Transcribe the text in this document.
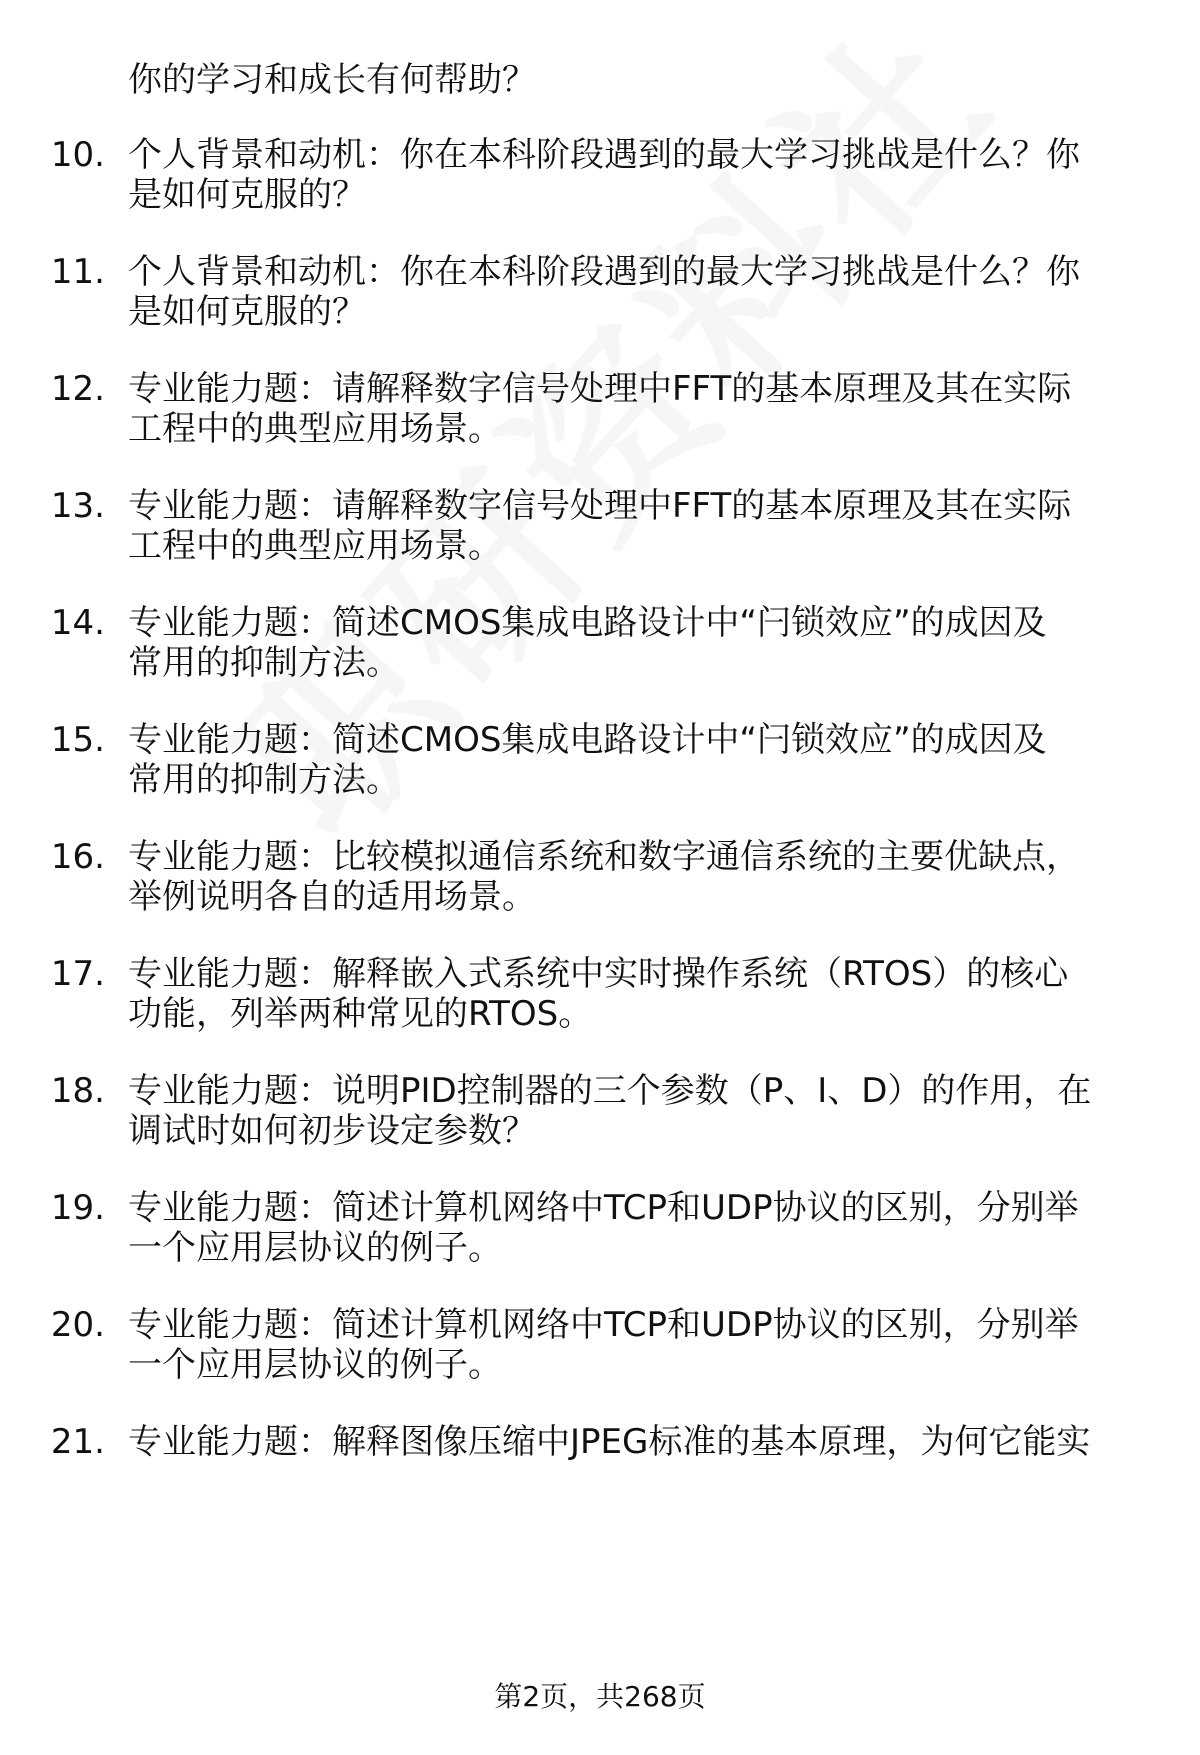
你的学习和成长有何帮助？
10. 个人背景和动机：你在本科阶段遇到的最大学习挑战是什么？你
是如何克服的？
11. 个人背景和动机：你在本科阶段遇到的最大学习挑战是什么？你
是如何克服的？
12. 专业能力题：请解释数字信号处理中FFT的基本原理及其在实际
工程中的典型应用场景。
13. 专业能力题：请解释数字信号处理中FFT的基本原理及其在实际
工程中的典型应用场景。
14. 专业能力题：简述CMOS集成电路设计中“闩锁效应”的成因及
常用的抑制方法。
15. 专业能力题：简述CMOS集成电路设计中“闩锁效应”的成因及
常用的抑制方法。
16. 专业能力题：比较模拟通信系统和数字通信系统的主要优缺点，
举例说明各自的适用场景。
17. 专业能力题：解释嵌入式系统中实时操作系统（RTOS）的核心
功能，列举两种常见的RTOS。
18. 专业能力题：说明PID控制器的三个参数（P、I、D）的作用，在
调试时如何初步设定参数？
19. 专业能力题：简述计算机网络中TCP和UDP协议的区别，分别举
一个应用层协议的例子。
20. 专业能力题：简述计算机网络中TCP和UDP协议的区别，分别举
一个应用层协议的例子。
21. 专业能力题：解释图像压缩中JPEG标准的基本原理，为何它能实
第2页，共268页
